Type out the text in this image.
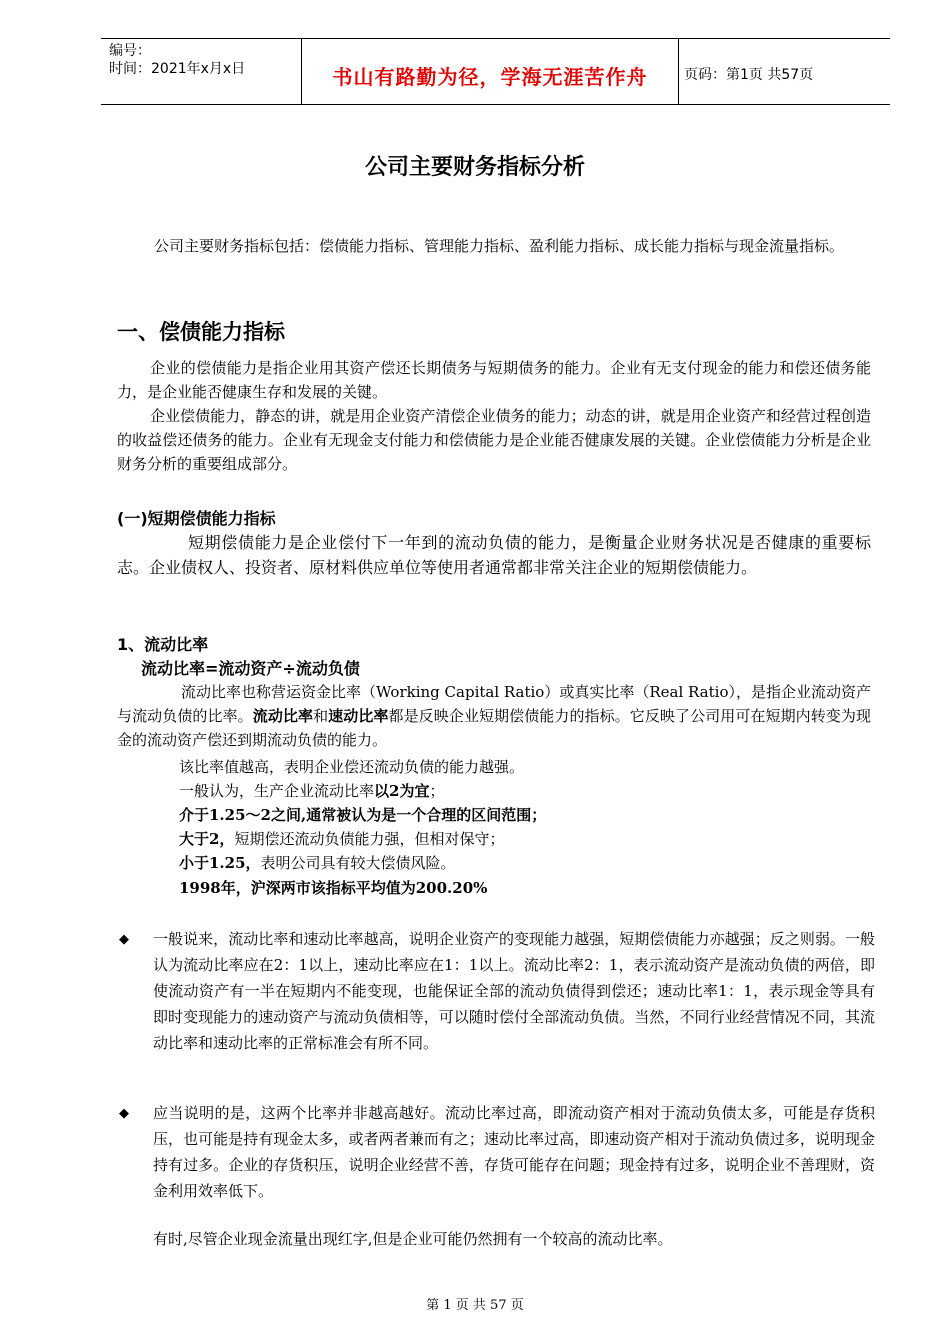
编号：
时间：2021年x月x日	书山有路勤为径，学海无涯苦作舟	页码：第1页 共57页
公司主要财务指标分析
公司主要财务指标包括：偿债能力指标、管理能力指标、盈利能力指标、成长能力指标与现金流量指标。
一、偿债能力指标
企业的偿债能力是指企业用其资产偿还长期债务与短期债务的能力。企业有无支付现金的能力和偿还债务能力，是企业能否健康生存和发展的关键。
企业偿债能力，静态的讲，就是用企业资产清偿企业债务的能力；动态的讲，就是用企业资产和经营过程创造的收益偿还债务的能力。企业有无现金支付能力和偿债能力是企业能否健康发展的关键。企业偿债能力分析是企业财务分析的重要组成部分。
(一)短期偿债能力指标
短期偿债能力是企业偿付下一年到的流动负债的能力，是衡量企业财务状况是否健康的重要标志。企业债权人、投资者、原材料供应单位等使用者通常都非常关注企业的短期偿债能力。
1、流动比率
流动比率=流动资产÷流动负债
流动比率也称营运资金比率（Working Capital Ratio）或真实比率（Real Ratio），是指企业流动资产与流动负债的比率。流动比率和速动比率都是反映企业短期偿债能力的指标。它反映了公司用可在短期内转变为现金的流动资产偿还到期流动负债的能力。
该比率值越高，表明企业偿还流动负债的能力越强。
一般认为，生产企业流动比率以2为宜；
介于1.25～2之间,通常被认为是一个合理的区间范围；
大于2，短期偿还流动负债能力强，但相对保守；
小于1.25，表明公司具有较大偿债风险。
1998年，沪深两市该指标平均值为200.20%
◆ 一般说来，流动比率和速动比率越高，说明企业资产的变现能力越强，短期偿债能力亦越强；反之则弱。一般认为流动比率应在2：1以上，速动比率应在1：1以上。流动比率2：1，表示流动资产是流动负债的两倍，即使流动资产有一半在短期内不能变现，也能保证全部的流动负债得到偿还；速动比率1：1，表示现金等具有即时变现能力的速动资产与流动负债相等，可以随时偿付全部流动负债。当然，不同行业经营情况不同，其流动比率和速动比率的正常标准会有所不同。
◆ 应当说明的是，这两个比率并非越高越好。流动比率过高，即流动资产相对于流动负债太多，可能是存货积压，也可能是持有现金太多，或者两者兼而有之；速动比率过高，即速动资产相对于流动负债过多，说明现金持有过多。企业的存货积压，说明企业经营不善，存货可能存在问题；现金持有过多，说明企业不善理财，资金利用效率低下。
有时,尽管企业现金流量出现红字,但是企业可能仍然拥有一个较高的流动比率。
第 1 页 共 57 页
